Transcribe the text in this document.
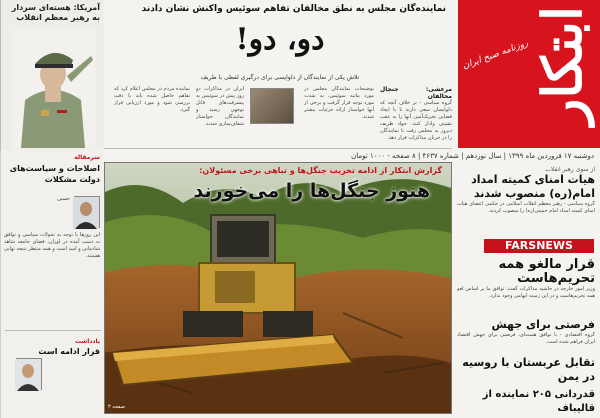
ابتکار
روزنامه صبح ایران
دوشنبه ۱۷ فروردین ماه ۱۳۹۹ | سال نوزدهم | شماره ۴۶۳۷ | ۸ صفحه - ۱۰۰۰ تومان
نماینده‌گان مجلس به نطق مخالفان تفاهم سوئیس واکنش نشان دادند
دو، دو!
تلاش یکی از نمایندگان از دلواپسی برای درگیری لفظی با ظریف
مرعشی: جنجال مخالفان
گروه سیاسی - بر خلاف آنچه که دلواپسان سعی دارند تا با ایجاد فضایی تحریک‌آمیز، آنها را به عقب نشینی وادار کنند. جواد ظریف دیروز به مجلس رفت تا نمایندگان را در جریان مذاکرات قرار دهد.
توضیحات نمایندگان مجلس در مورد بیانیه سوئیس، به شدت مورد توجه قرار گرفت و برخی از آنها خواستار ارائه جزئیات بیشتر شدند.
ایران در مذاکرات دو روز پیش در سوئیس به پیشرفت‌های قابل توجهی رسید و نمایندگان خواستار شفاف‌سازی شدند.
نماینده مردم در مجلس اعلام کرد که تفاهم حاصل شده باید با دقت بررسی شود و مورد ارزیابی قرار گیرد.
آمریکا: هسته‌ای سردار
به رهبر معظم انقلاب
گزارش ابتکار از ادامه تخریب جنگل‌ها و تباهی برخی مسئولان:
هنوز جنگل‌ها را می‌خورند
صفحه ۳
از سوی رهبر انقلاب
هیات امنای کمیته امداد امام(ره) منصوب شدند
گروه سیاسی - رهبر معظم انقلاب اسلامی در حکمی اعضای هیات امنای کمیته امداد امام خمینی(ره) را منصوب کردند.
FARSNEWS
قرار مالغو همه تحریم‌هاست
وزیر امور خارجه در حاشیه مذاکرات گفت: توافق ما بر اساس لغو همه تحریم‌هاست و در این زمینه ابهامی وجود ندارد.
فرصتی برای جهش
گروه اقتصادی - با توافق هسته‌ای، فرصتی برای جهش اقتصاد ایران فراهم شده است.
تقابل عربستان با روسیه در یمن
قدردانی ۲۰۵ نماینده از قالیباف
سرمقاله
اصلاحات و سیاست‌های دولت مشکلات
حسین
این روزها با توجه به تحولات سیاسی و توافق به دست آمده در لوزان، فضای جامعه شاهد شادمانی و امید است و همه منتظر نتیجه نهایی هستند.
یادداشت
قرار ادامه است
